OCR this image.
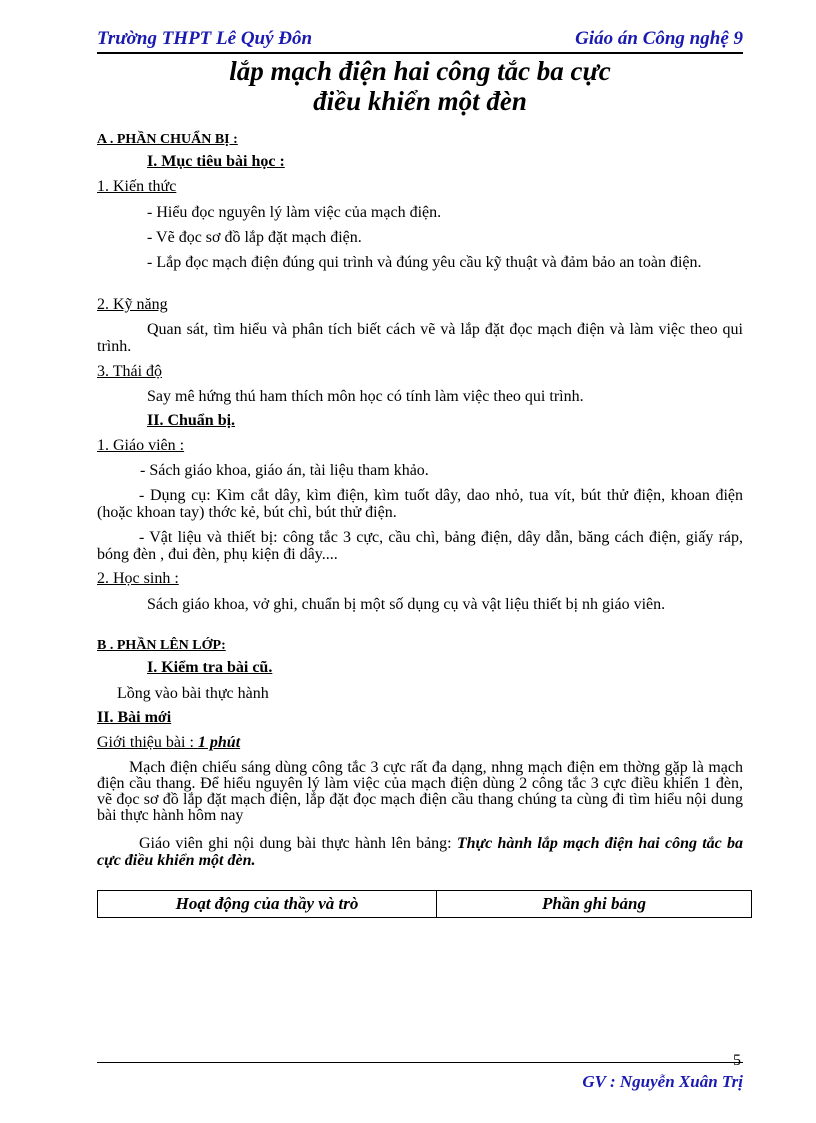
Trường THPT Lê Quý Đôn	Giáo án Công nghệ 9
lắp mạch điện hai công tắc ba cực
điều khiển một đèn
A . PHẦN CHUẨN BỊ :
I. Mục tiêu bài học :
1. Kiến thức
- Hiểu đọc nguyên lý làm việc của mạch điện.
- Vẽ đọc sơ đồ lắp đặt mạch điện.
- Lắp đọc mạch điện đúng qui trình và đúng yêu cầu kỹ thuật và đảm bảo an toàn điện.
2. Kỹ năng
Quan sát, tìm hiểu và phân tích biết cách vẽ và lắp đặt đọc mạch điện và làm việc theo qui trình.
3. Thái độ
Say mê hứng thú ham thích môn học có tính làm việc theo qui trình.
II. Chuẩn bị.
1. Giáo viên :
- Sách giáo khoa, giáo án, tài liệu tham khảo.
- Dụng cụ: Kìm cắt dây, kìm điện, kìm tuốt dây, dao nhỏ, tua vít, bút thử điện, khoan điện (hoặc khoan tay) thớc kẻ, bút chì, bút thử điện.
- Vật liệu và thiết bị: công tắc 3 cực, cầu chì, bảng điện, dây dẫn, băng cách điện, giấy ráp, bóng đèn , đui đèn, phụ kiện đi dây....
2. Học sinh :
Sách giáo khoa, vở ghi, chuẩn bị một số dụng cụ và vật liệu thiết bị nh giáo viên.
B . PHẦN LÊN LỚP:
I. Kiểm tra bài cũ.
Lồng vào bài thực hành
II. Bài mới
Giới thiệu bài : 1 phút
Mạch điện chiếu sáng dùng công tắc 3 cực rất đa dạng, nhng mạch điện em thờng gặp là mạch điện cầu thang. Để hiểu nguyên lý làm việc của mạch điện dùng 2 công tắc 3 cực điều khiển 1 đèn, vẽ đọc sơ đồ lắp đặt mạch điện, lắp đặt đọc mạch điện cầu thang chúng ta cùng đi tìm hiểu nội dung bài thực hành hôm nay
Giáo viên ghi nội dung bài thực hành lên bảng: Thực hành lắp mạch điện hai công tắc ba cực điều khiển một đèn.
Hoạt động của thầy và trò	Phần ghi bảng
5
GV : Nguyễn Xuân Trị
